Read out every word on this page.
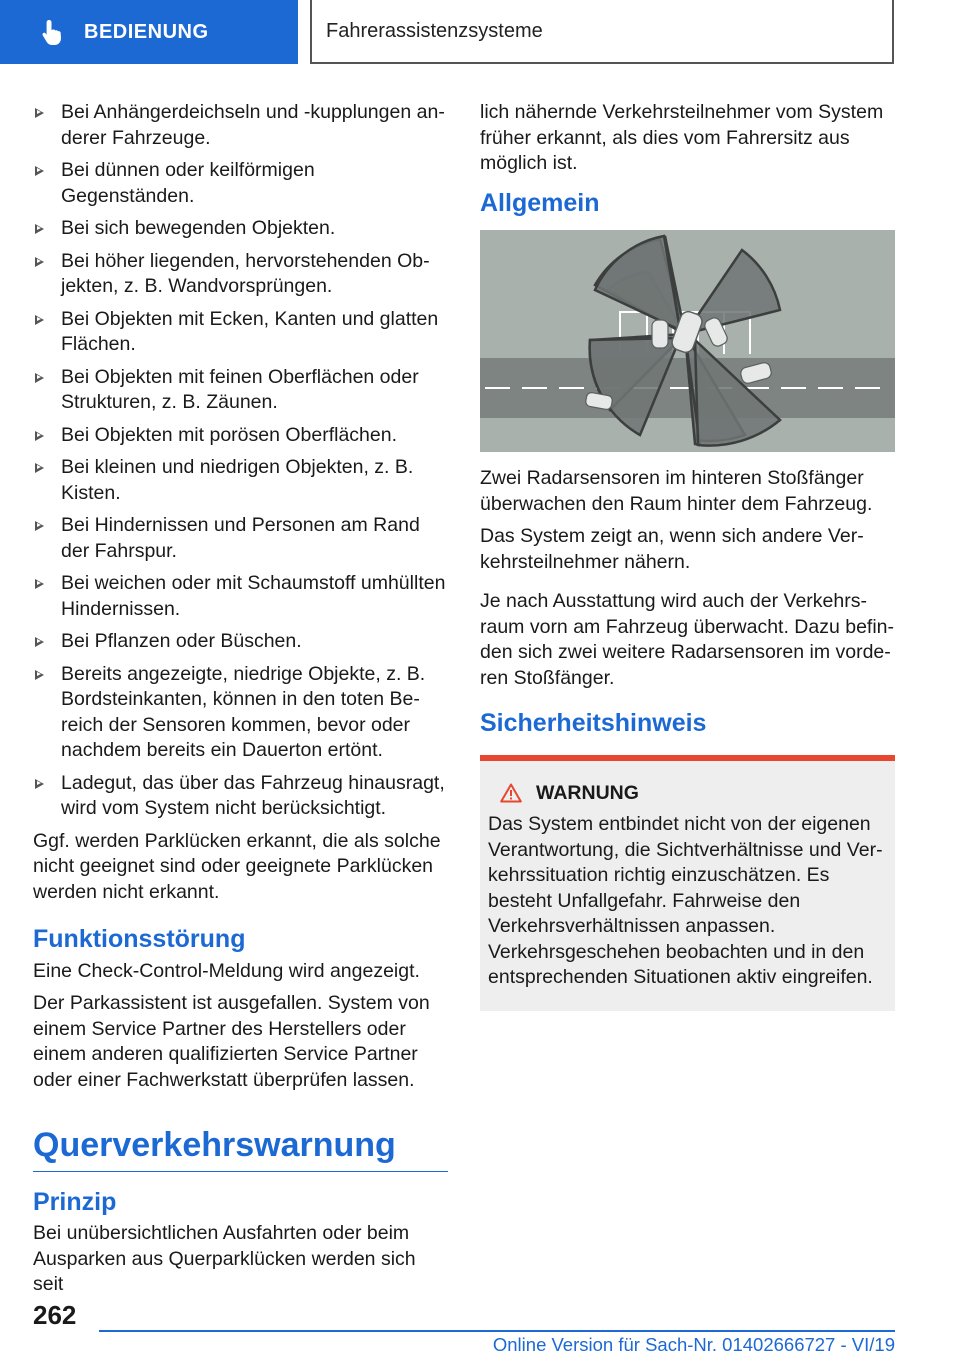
BEDIENUNG	Fahrerassistenzsysteme
Bei Anhängerdeichseln und -kupplungen anderer Fahrzeuge.
Bei dünnen oder keilförmigen Gegenständen.
Bei sich bewegenden Objekten.
Bei höher liegenden, hervorstehenden Objekten, z. B. Wandvorsprüngen.
Bei Objekten mit Ecken, Kanten und glatten Flächen.
Bei Objekten mit feinen Oberflächen oder Strukturen, z. B. Zäunen.
Bei Objekten mit porösen Oberflächen.
Bei kleinen und niedrigen Objekten, z. B. Kisten.
Bei Hindernissen und Personen am Rand der Fahrspur.
Bei weichen oder mit Schaumstoff umhüllten Hindernissen.
Bei Pflanzen oder Büschen.
Bereits angezeigte, niedrige Objekte, z. B. Bordsteinkanten, können in den toten Bereich der Sensoren kommen, bevor oder nachdem bereits ein Dauerton ertönt.
Ladegut, das über das Fahrzeug hinausragt, wird vom System nicht berücksichtigt.

Ggf. werden Parklücken erkannt, die als solche nicht geeignet sind oder geeignete Parklücken werden nicht erkannt.

Funktionsstörung

Eine Check-Control-Meldung wird angezeigt.

Der Parkassistent ist ausgefallen. System von einem Service Partner des Herstellers oder einem anderen qualifizierten Service Partner oder einer Fachwerkstatt überprüfen lassen.

Querverkehrswarnung
Prinzip

Bei unübersichtlichen Ausfahrten oder beim Ausparken aus Querparklücken werden sich seit

lich nähernde Verkehrsteilnehmer vom System früher erkannt, als dies vom Fahrersitz aus möglich ist.

Allgemein

Zwei Radarsensoren im hinteren Stoßfänger überwachen den Raum hinter dem Fahrzeug.

Das System zeigt an, wenn sich andere Verkehrsteilnehmer nähern.

Je nach Ausstattung wird auch der Verkehrsraum vorn am Fahrzeug überwacht. Dazu befinden sich zwei weitere Radarsensoren im vorderen Stoßfänger.

Sicherheitshinweis
WARNUNG

Das System entbindet nicht von der eigenen Verantwortung, die Sichtverhältnisse und Verkehrssituation richtig einzuschätzen. Es besteht Unfallgefahr. Fahrweise den Verkehrsverhältnissen anpassen. Verkehrsgeschehen beobachten und in den entsprechenden Situationen aktiv eingreifen.

262
Online Version für Sach-Nr. 01402666727 - VI/19
